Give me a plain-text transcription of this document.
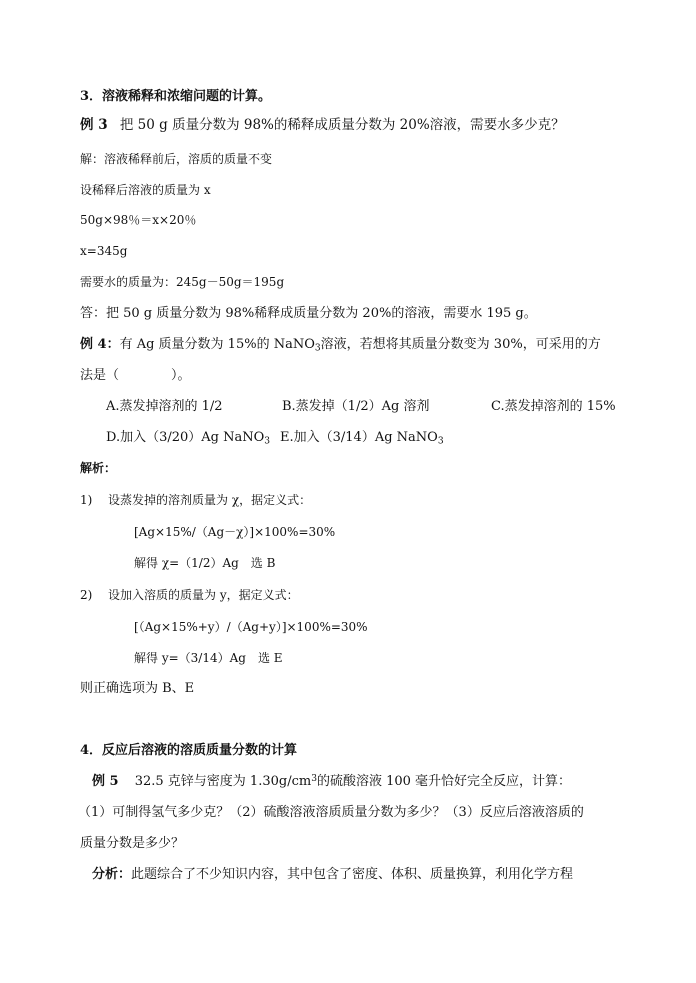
3．溶液稀释和浓缩问题的计算。
例 3 把 50 g 质量分数为 98%的稀释成质量分数为 20%溶液，需要水多少克？
解：溶液稀释前后，溶质的质量不变
设稀释后溶液的质量为 x
50g×98％＝x×20％
x=345g
需要水的质量为：245g－50g＝195g
答：把 50 g 质量分数为 98%稀释成质量分数为 20%的溶液，需要水 195 g。
例 4：有 Ag 质量分数为 15%的 NaNO$_3$溶液，若想将其质量分数变为 30%，可采用的方
法是（　　　　）。
A.蒸发掉溶剂的 1/2	B.蒸发掉（1/2）Ag 溶剂	C.蒸发掉溶剂的 15%
D.加入（3/20）Ag NaNO$_3$ E.加入（3/14）Ag NaNO$_3$
解析：
1) 设蒸发掉的溶剂质量为 χ，据定义式：
[Ag×15%/（Ag－χ）]×100%=30%
解得 χ=（1/2）Ag　选 B
2) 设加入溶质的质量为 y，据定义式：
[（Ag×15%+y）/（Ag+y）]×100%=30%
解得 y=（3/14）Ag　选 E
则正确选项为 B、E
4．反应后溶液的溶质质量分数的计算
例 5 32.5 克锌与密度为 $1.30g/cm^3$的硫酸溶液 100 毫升恰好完全反应，计算：
（1）可制得氢气多少克？（2）硫酸溶液溶质质量分数为多少？（3）反应后溶液溶质的
质量分数是多少？
分析：此题综合了不少知识内容，其中包含了密度、体积、质量换算，利用化学方程
